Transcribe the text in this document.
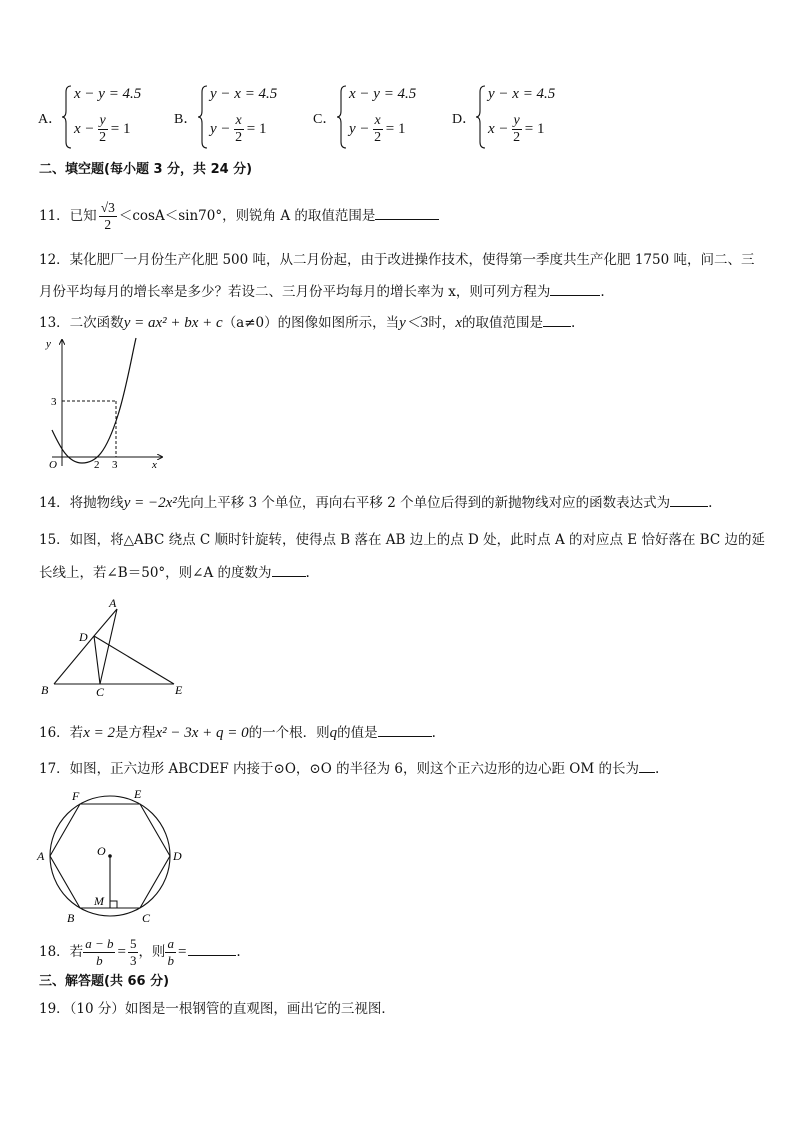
A．
x − y = 4.5
$x - \frac{y}{2} = 1$
B．
y − x = 4.5
$y - \frac{x}{2} = 1$
C．
x − y = 4.5
$y - \frac{x}{2} = 1$
D．
y − x = 4.5
$x - \frac{y}{2} = 1$
二、填空题(每小题 3 分，共 24 分)
11．已知 $\frac{√3}{2} <\cos A<\sin 70^\circ$，则锐角 A 的取值范围是
12．某化肥厂一月份生产化肥 500 吨，从二月份起，由于改进操作技术，使得第一季度共生产化肥 1750 吨，问二、三
月份平均每月的增长率是多少？若设二、三月份平均每月的增长率为 x，则可列方程为	.
13．二次函数y = ax² + bx + c（a≠0）的图像如图所示，当y＜3时，x的取值范围是 .
y
x
O
3
2 3
14．将抛物线y = −2x²先向上平移 3 个单位，再向右平移 2 个单位后得到的新抛物线对应的函数表达式为	.
15．如图，将△ABC 绕点 C 顺时针旋转，使得点 B 落在 AB 边上的点 D 处，此时点 A 的对应点 E 恰好落在 BC 边的延
长线上，若∠B＝50°，则∠A 的度数为	.
A
D
B	C	E
16．若x = 2是方程x² − 3x + q = 0的一个根．则q的值是	.
17．如图，正六边形 ABCDEF 内接于⊙O，⊙O 的半径为 6，则这个正六边形的边心距 OM 的长为 .
A
B	C
D
E
F
O
M
18．若 $\frac{a - b}{b} = \frac{5}{3}$ ，则 $\frac{a}{b}$ =	.
三、解答题(共 66 分)
19．（10 分）如图是一根钢管的直观图，画出它的三视图．
